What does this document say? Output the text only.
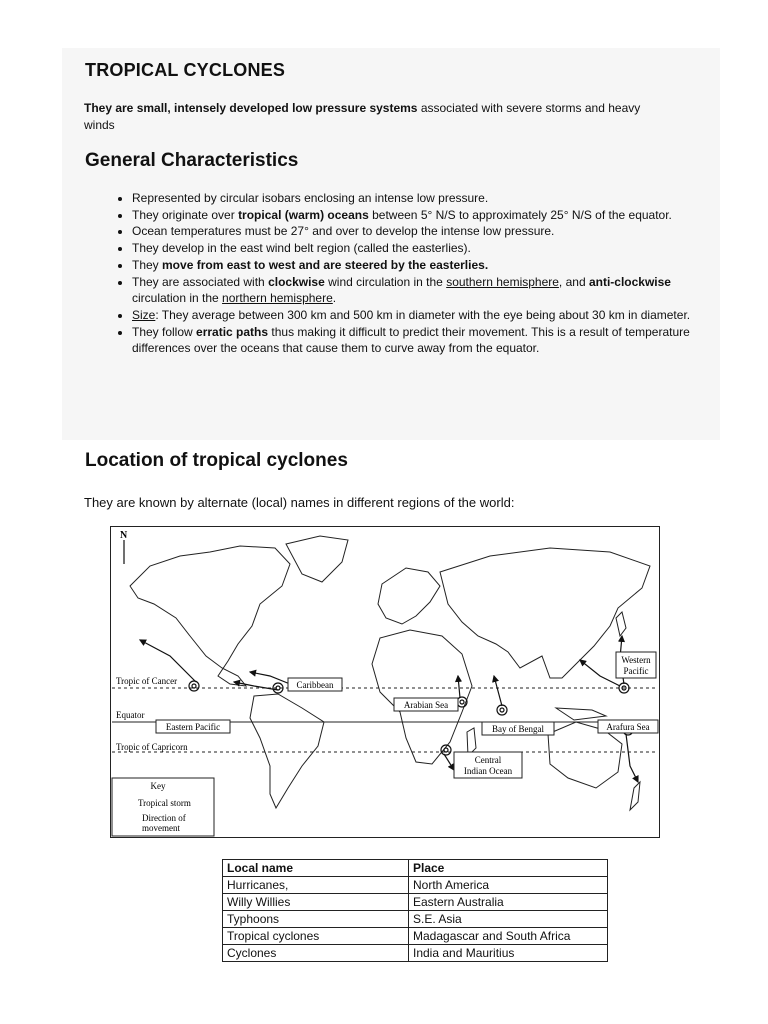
TROPICAL CYCLONES

They are small, intensely developed low pressure systems associated with severe storms and heavy winds

General Characteristics
• Represented by circular isobars enclosing an intense low pressure.
• They originate over tropical (warm) oceans between 5° N/S to approximately 25° N/S of the equator.
• Ocean temperatures must be 27° and over to develop the intense low pressure.
• They develop in the east wind belt region (called the easterlies).
• They move from east to west and are steered by the easterlies.
• They are associated with clockwise wind circulation in the southern hemisphere, and anti-clockwise circulation in the northern hemisphere.
• Size: They average between 300 km and 500 km in diameter with the eye being about 30 km in diameter.
• They follow erratic paths thus making it difficult to predict their movement. This is a result of temperature differences over the oceans that cause them to curve away from the equator.
Location of tropical cyclones

They are known by alternate (local) names in different regions of the world:

Tropic of Cancer
Equator
Tropic of Capricorn
N
Eastern Pacific
Caribbean
Arabian Sea
Bay of Bengal
Western
Pacific
Arafura Sea
Central
Indian Ocean
Key
Tropical storm
Direction of
movement
Local name	Place
Hurricanes,	North America
Willy Willies	Eastern Australia
Typhoons	S.E. Asia
Tropical cyclones	Madagascar and South Africa
Cyclones	India and Mauritius
